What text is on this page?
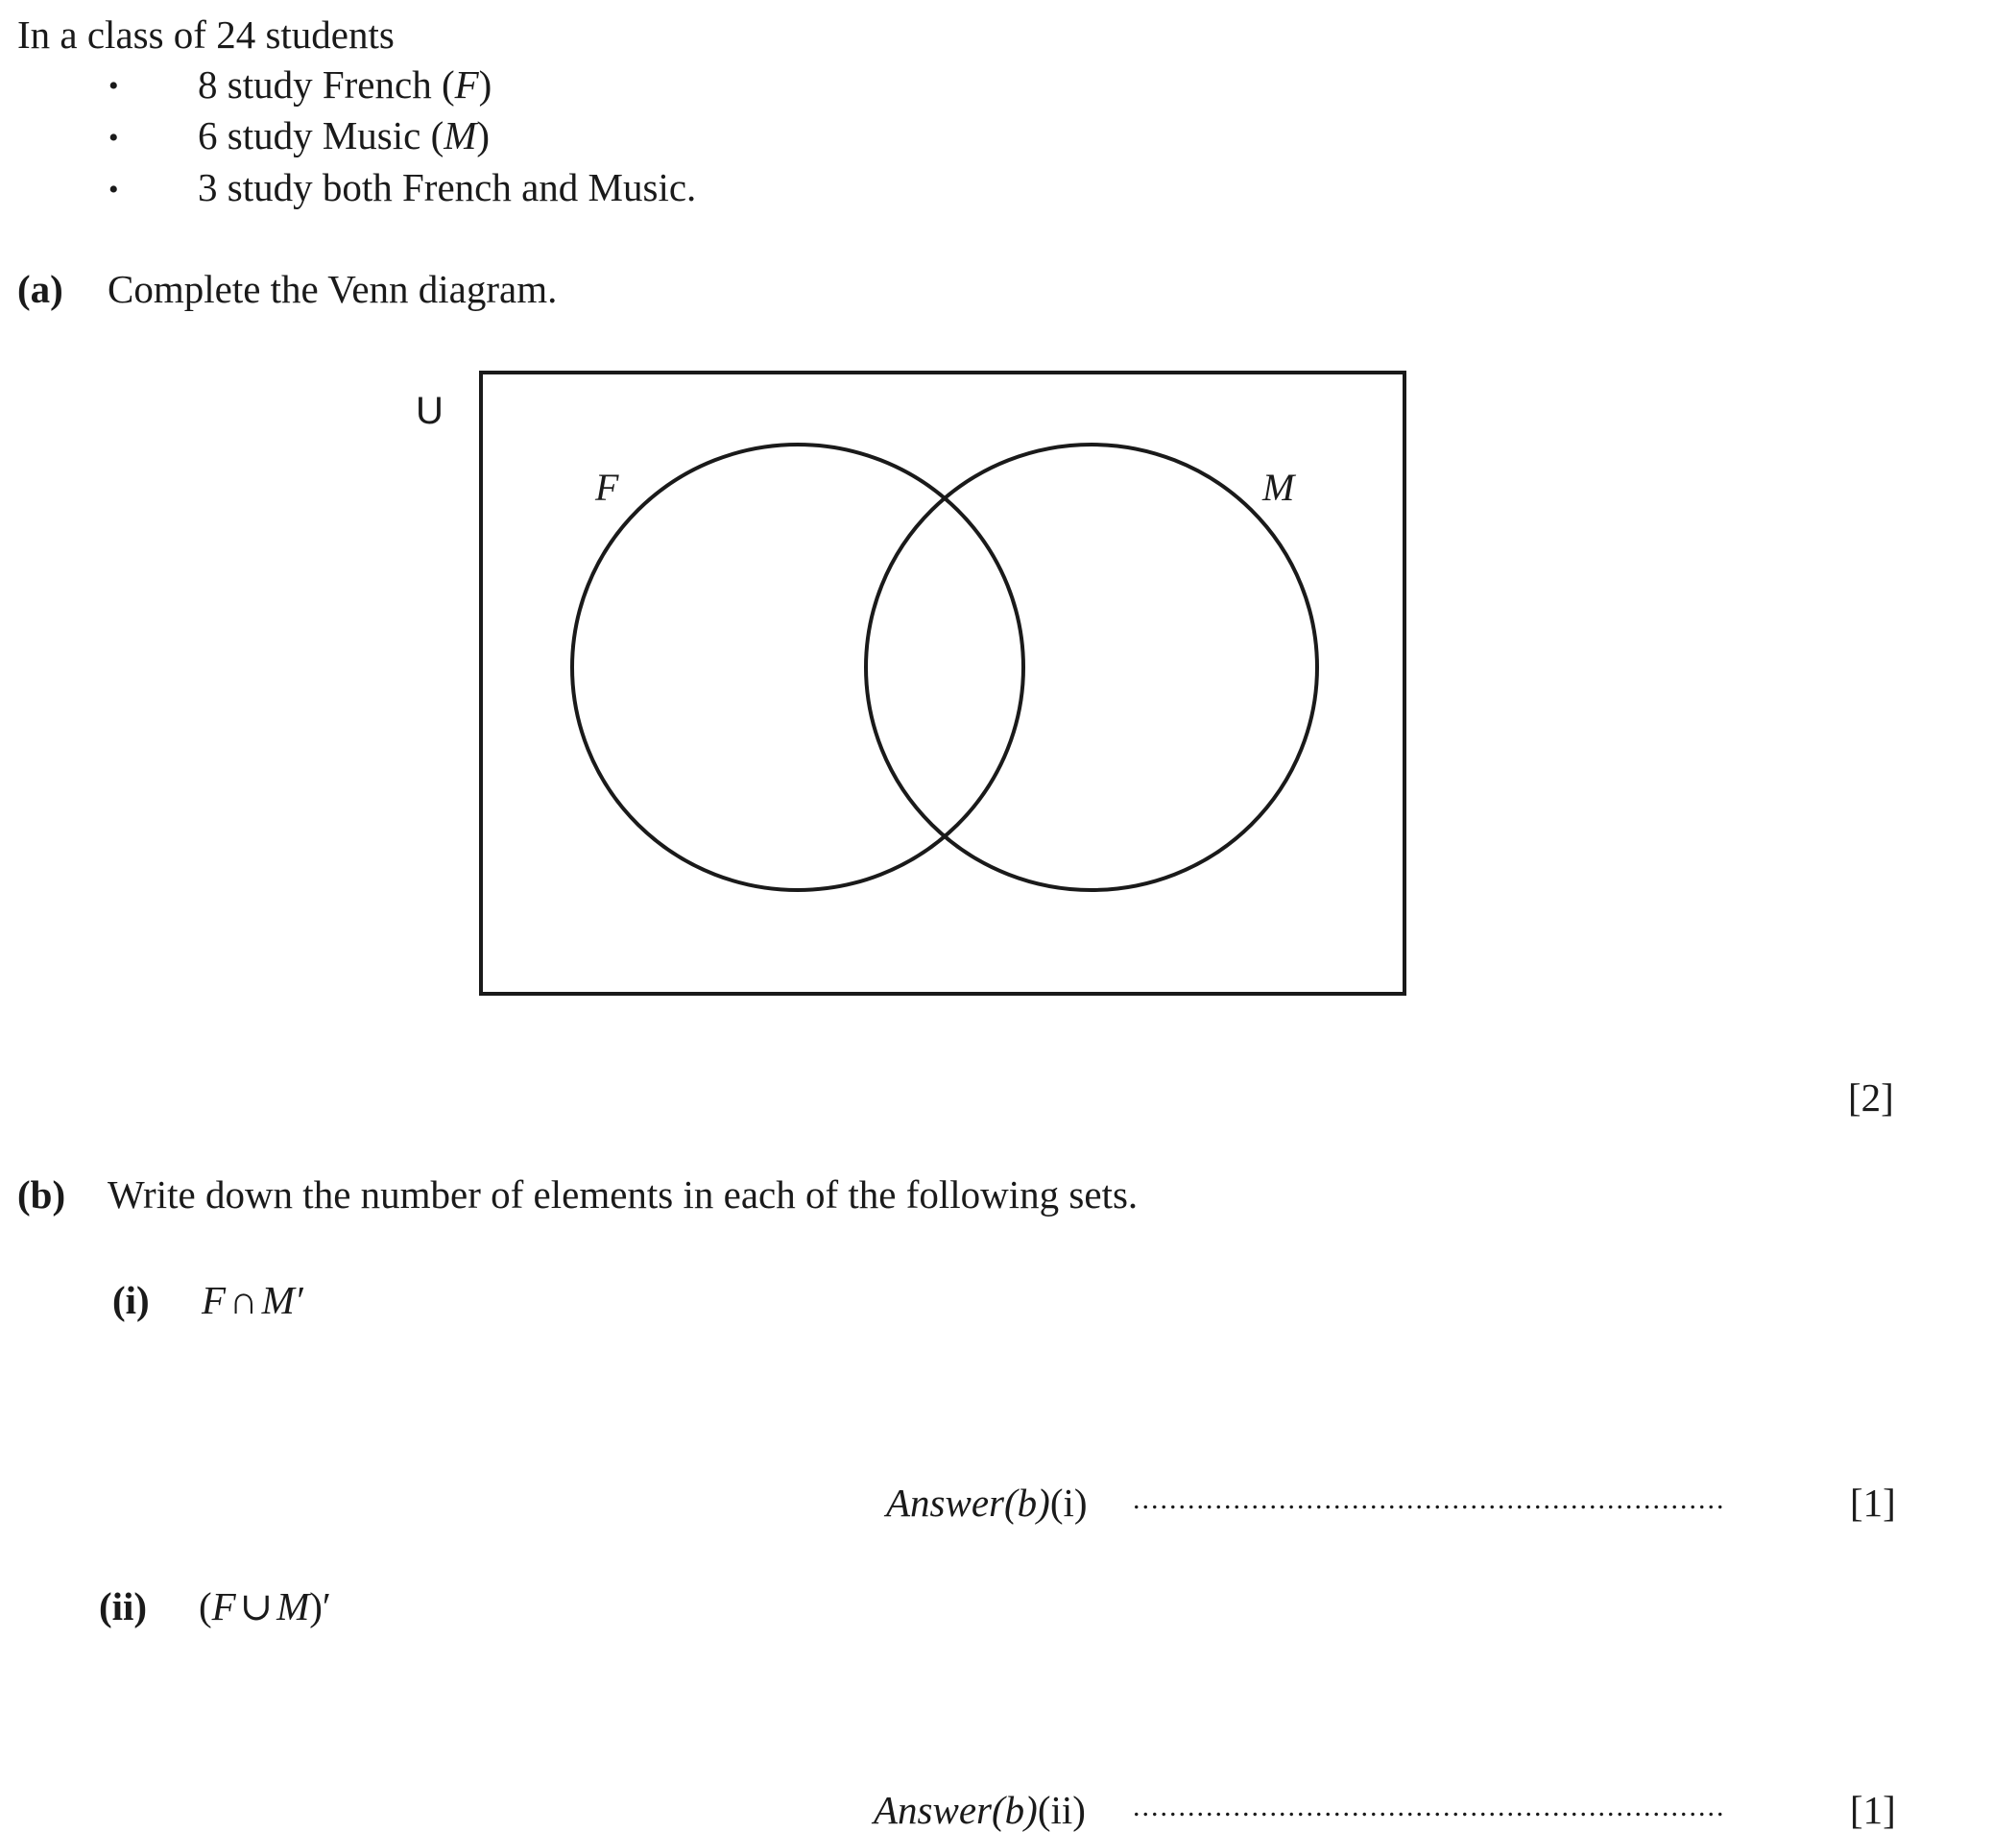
In a class of 24 students
• 8 study French (F)
• 6 study Music (M)
• 3 study both French and Music.
(a) Complete the Venn diagram.
U
F	M
[2]
(b) Write down the number of elements in each of the following sets.
(i) F∩M′
Answer(b)(i) .................................................................	[1]
(ii) (F∪M)′
Answer(b)(ii) .................................................................	[1]
